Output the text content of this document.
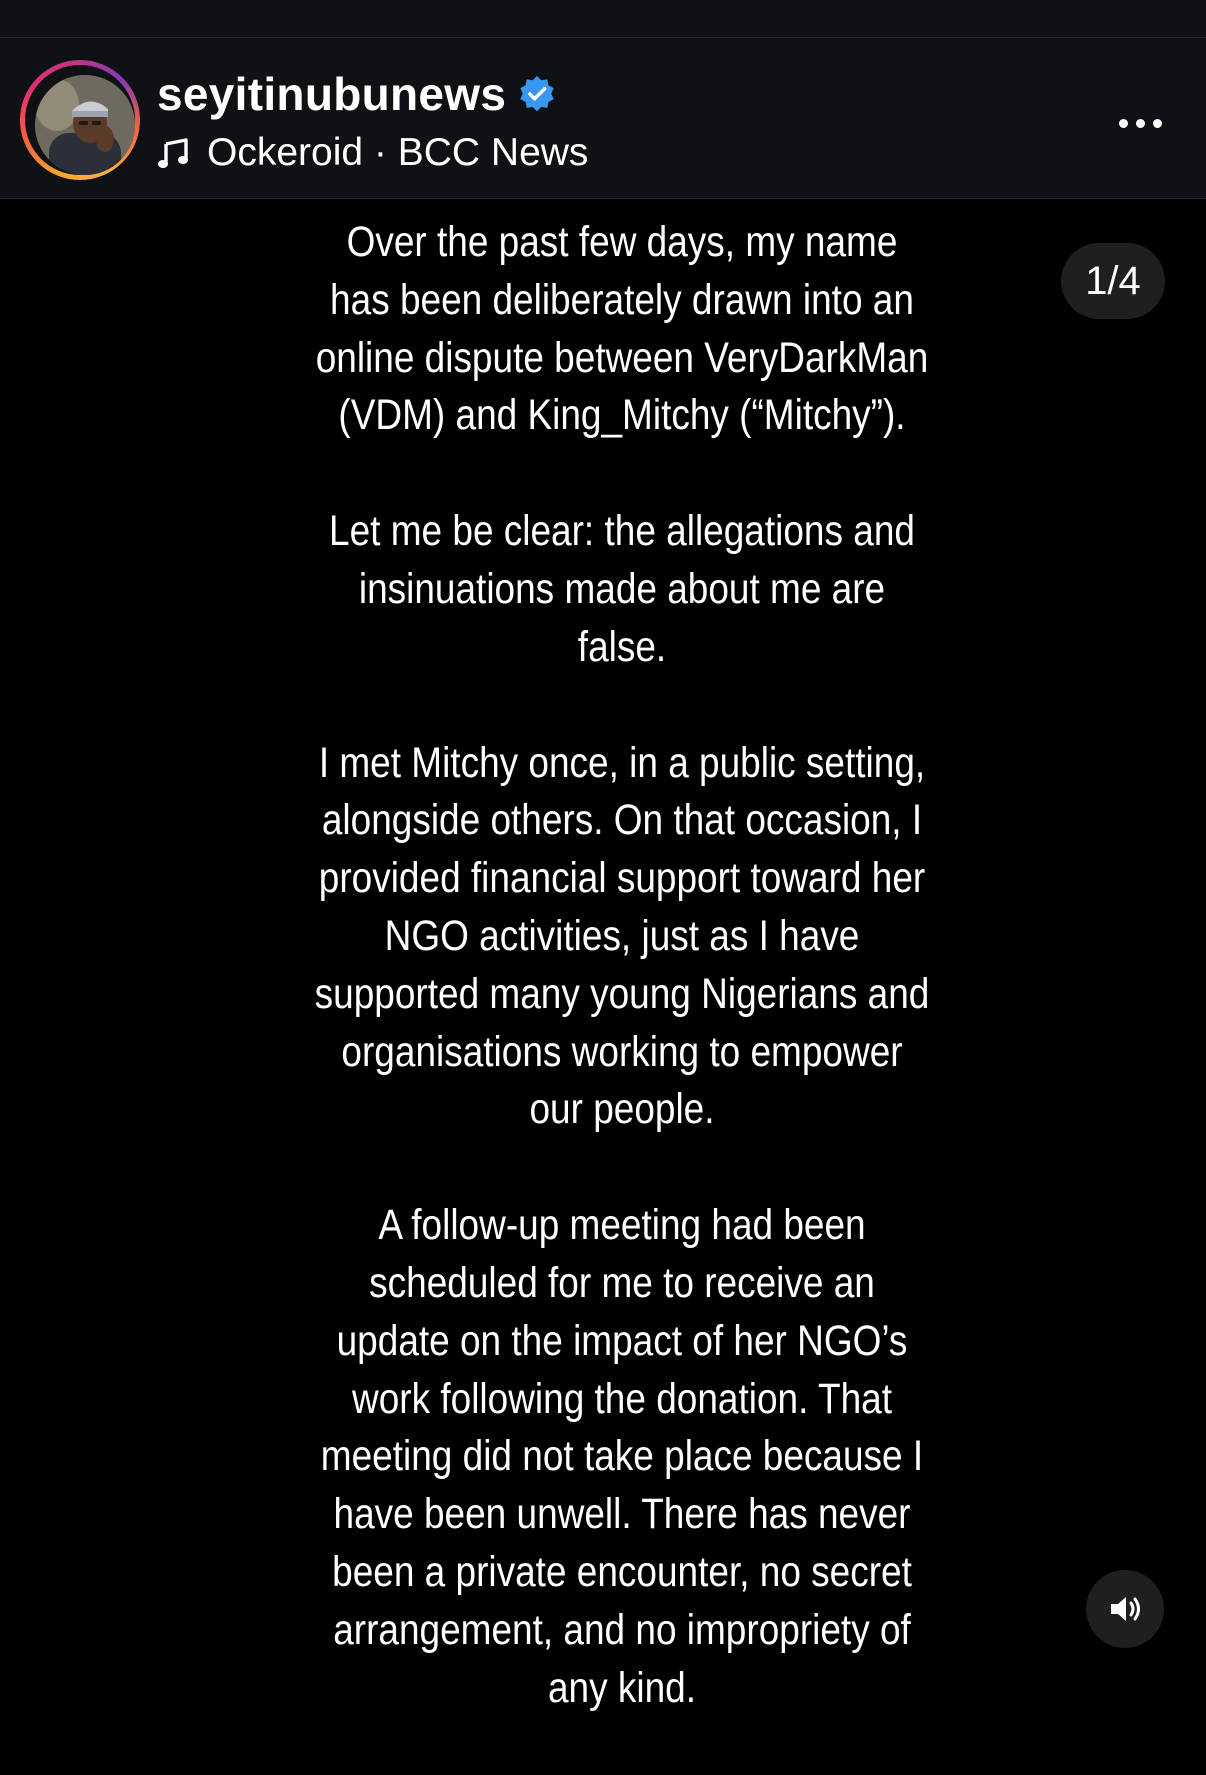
seyitinubunews
Ockeroid · BCC News

Over the past few days, my name has been deliberately drawn into an online dispute between VeryDarkMan (VDM) and King_Mitchy (“Mitchy”).

Let me be clear: the allegations and insinuations made about me are false.

I met Mitchy once, in a public setting, alongside others. On that occasion, I provided financial support toward her NGO activities, just as I have supported many young Nigerians and organisations working to empower our people.

A follow-up meeting had been scheduled for me to receive an update on the impact of her NGO’s work following the donation. That meeting did not take place because I have been unwell. There has never been a private encounter, no secret arrangement, and no impropriety of any kind.

1/4
